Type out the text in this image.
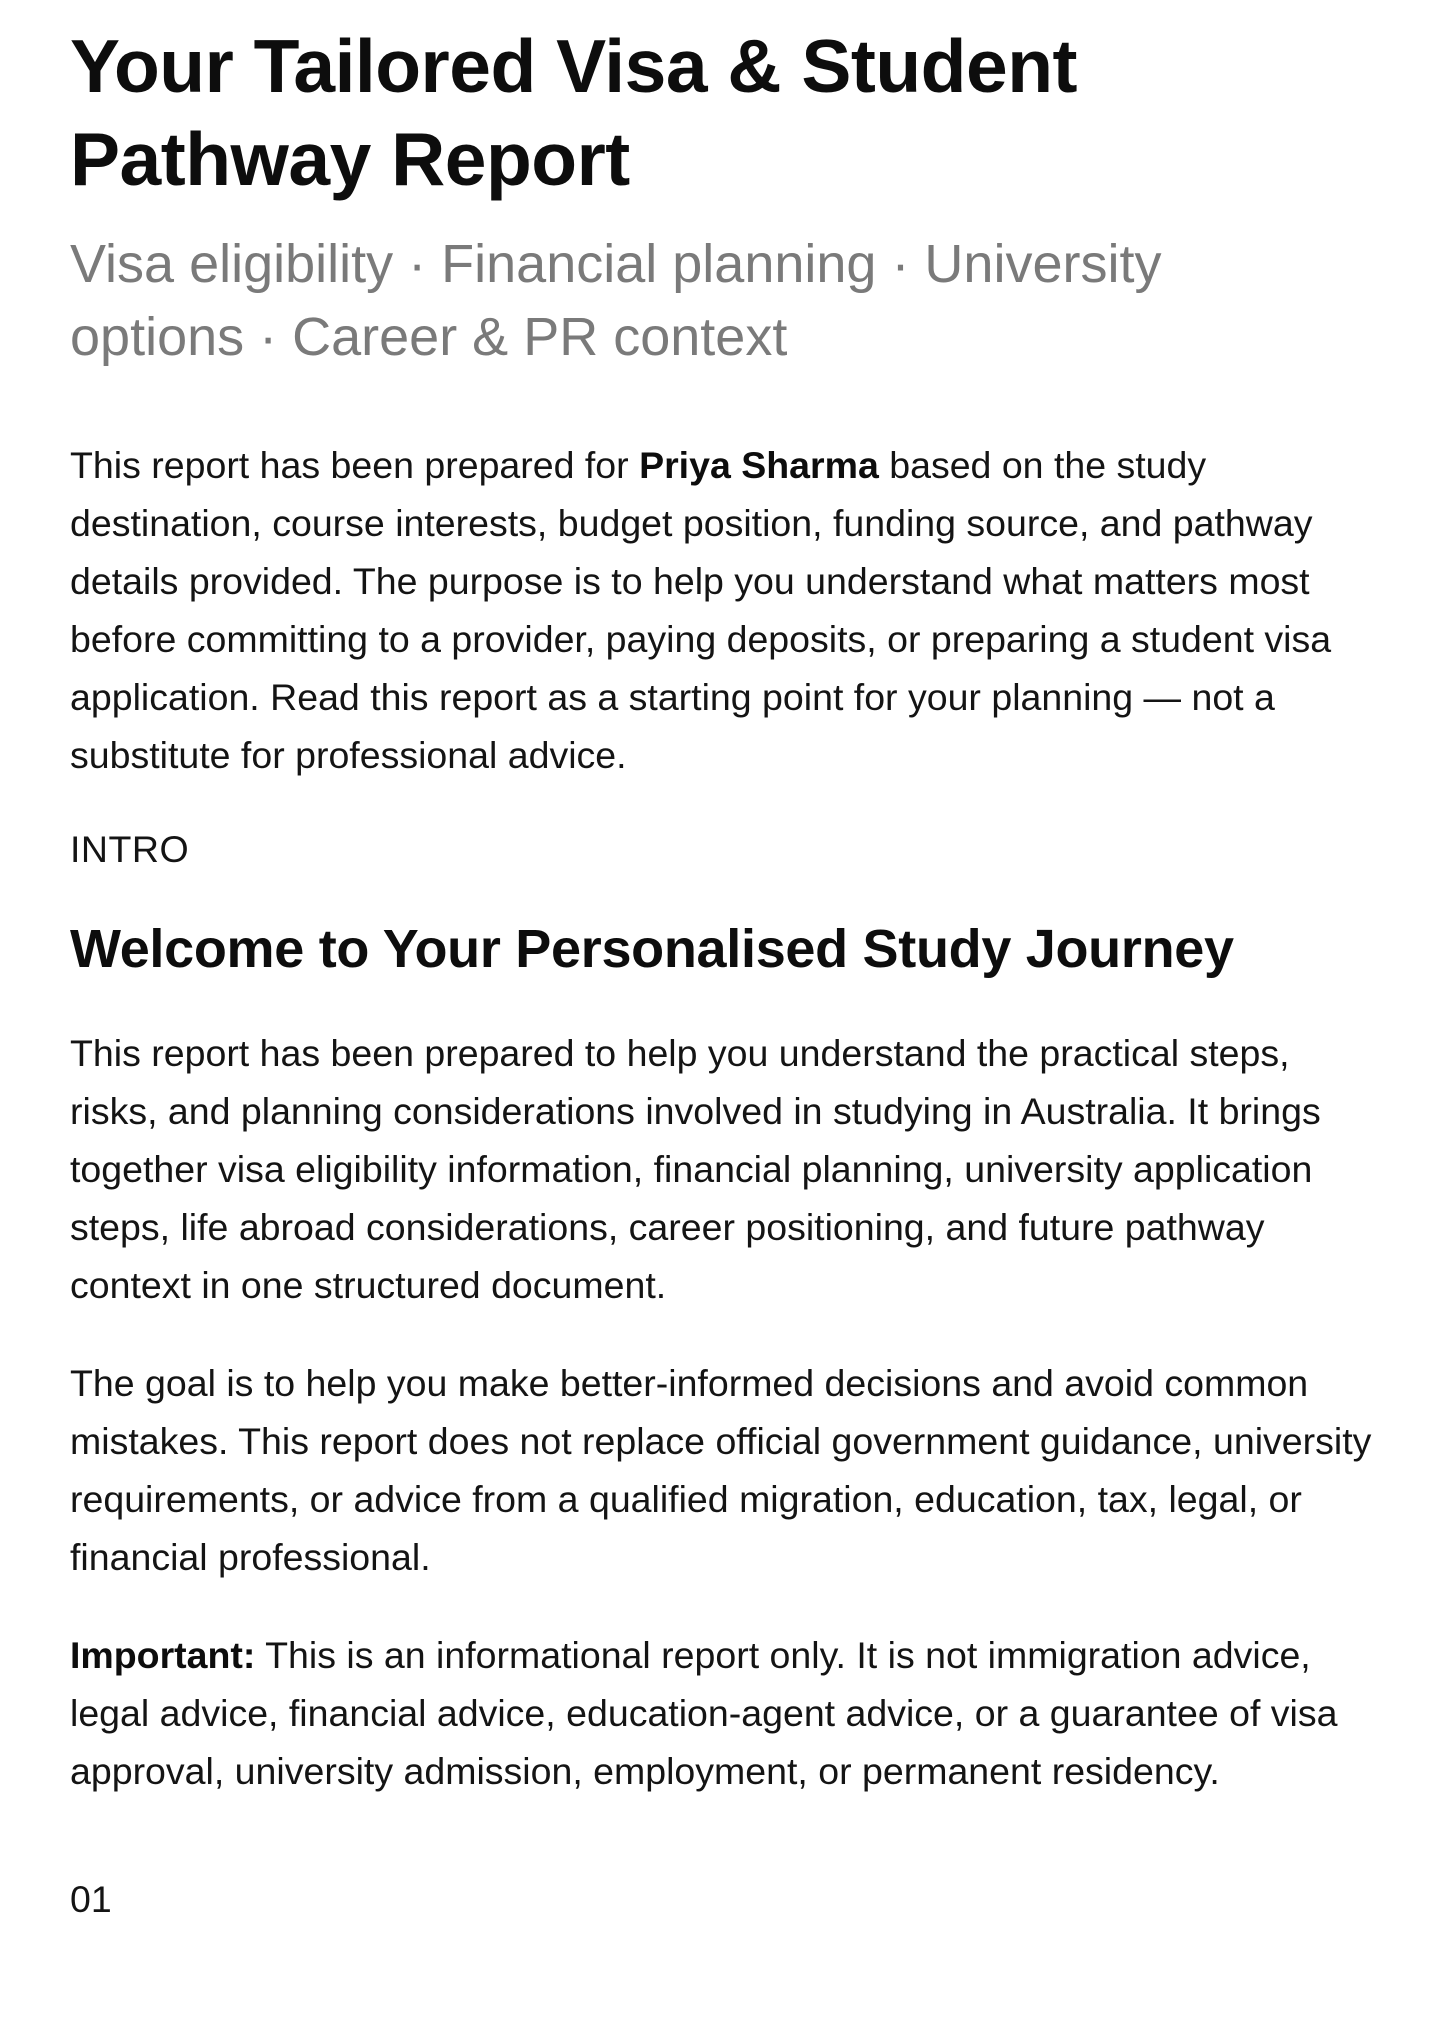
Your Tailored Visa & Student Pathway Report

Visa eligibility · Financial planning · University options · Career & PR context

This report has been prepared for Priya Sharma based on the study destination, course interests, budget position, funding source, and pathway details provided. The purpose is to help you understand what matters most before committing to a provider, paying deposits, or preparing a student visa application. Read this report as a starting point for your planning — not a substitute for professional advice.

INTRO
Welcome to Your Personalised Study Journey

This report has been prepared to help you understand the practical steps, risks, and planning considerations involved in studying in Australia. It brings together visa eligibility information, financial planning, university application steps, life abroad considerations, career positioning, and future pathway context in one structured document.

The goal is to help you make better-informed decisions and avoid common mistakes. This report does not replace official government guidance, university requirements, or advice from a qualified migration, education, tax, legal, or financial professional.

Important: This is an informational report only. It is not immigration advice, legal advice, financial advice, education-agent advice, or a guarantee of visa approval, university admission, employment, or permanent residency.

01
